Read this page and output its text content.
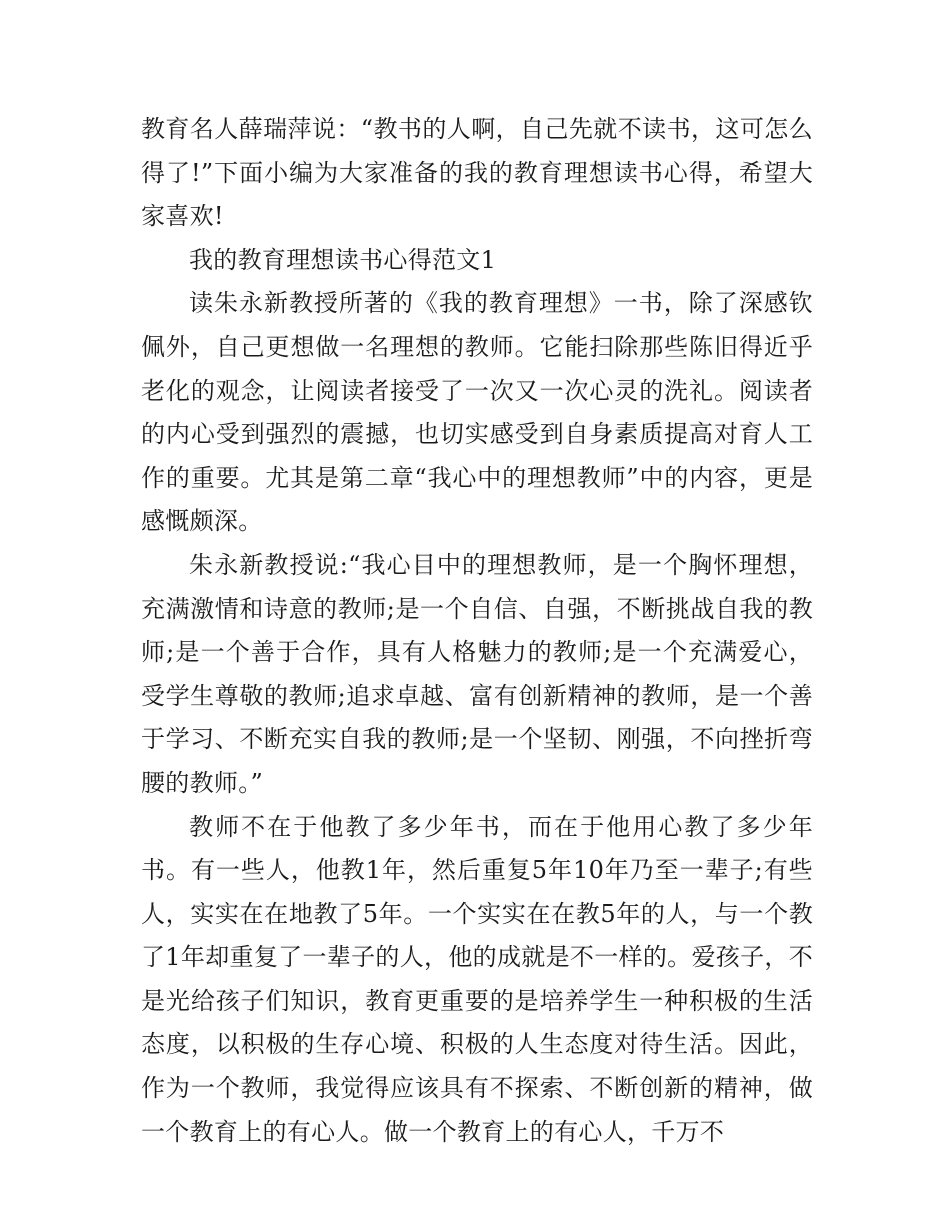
教育名人薛瑞萍说：“教书的人啊，自己先就不读书，这可怎么得了!”下面小编为大家准备的我的教育理想读书心得，希望大家喜欢!

我的教育理想读书心得范文1

读朱永新教授所著的《我的教育理想》一书，除了深感钦佩外，自己更想做一名理想的教师。它能扫除那些陈旧得近乎老化的观念，让阅读者接受了一次又一次心灵的洗礼。阅读者的内心受到强烈的震撼，也切实感受到自身素质提高对育人工作的重要。尤其是第二章“我心中的理想教师”中的内容，更是感慨颇深。

朱永新教授说:“我心目中的理想教师，是一个胸怀理想，充满激情和诗意的教师;是一个自信、自强，不断挑战自我的教师;是一个善于合作，具有人格魅力的教师;是一个充满爱心，受学生尊敬的教师;追求卓越、富有创新精神的教师，是一个善于学习、不断充实自我的教师;是一个坚韧、刚强，不向挫折弯腰的教师。”

教师不在于他教了多少年书，而在于他用心教了多少年书。有一些人，他教1年，然后重复5年10年乃至一辈子;有些人，实实在在地教了5年。一个实实在在教5年的人，与一个教了1年却重复了一辈子的人，他的成就是不一样的。爱孩子，不是光给孩子们知识，教育更重要的是培养学生一种积极的生活态度，以积极的生存心境、积极的人生态度对待生活。因此，作为一个教师，我觉得应该具有不探索、不断创新的精神，做一个教育上的有心人。做一个教育上的有心人，千万不
